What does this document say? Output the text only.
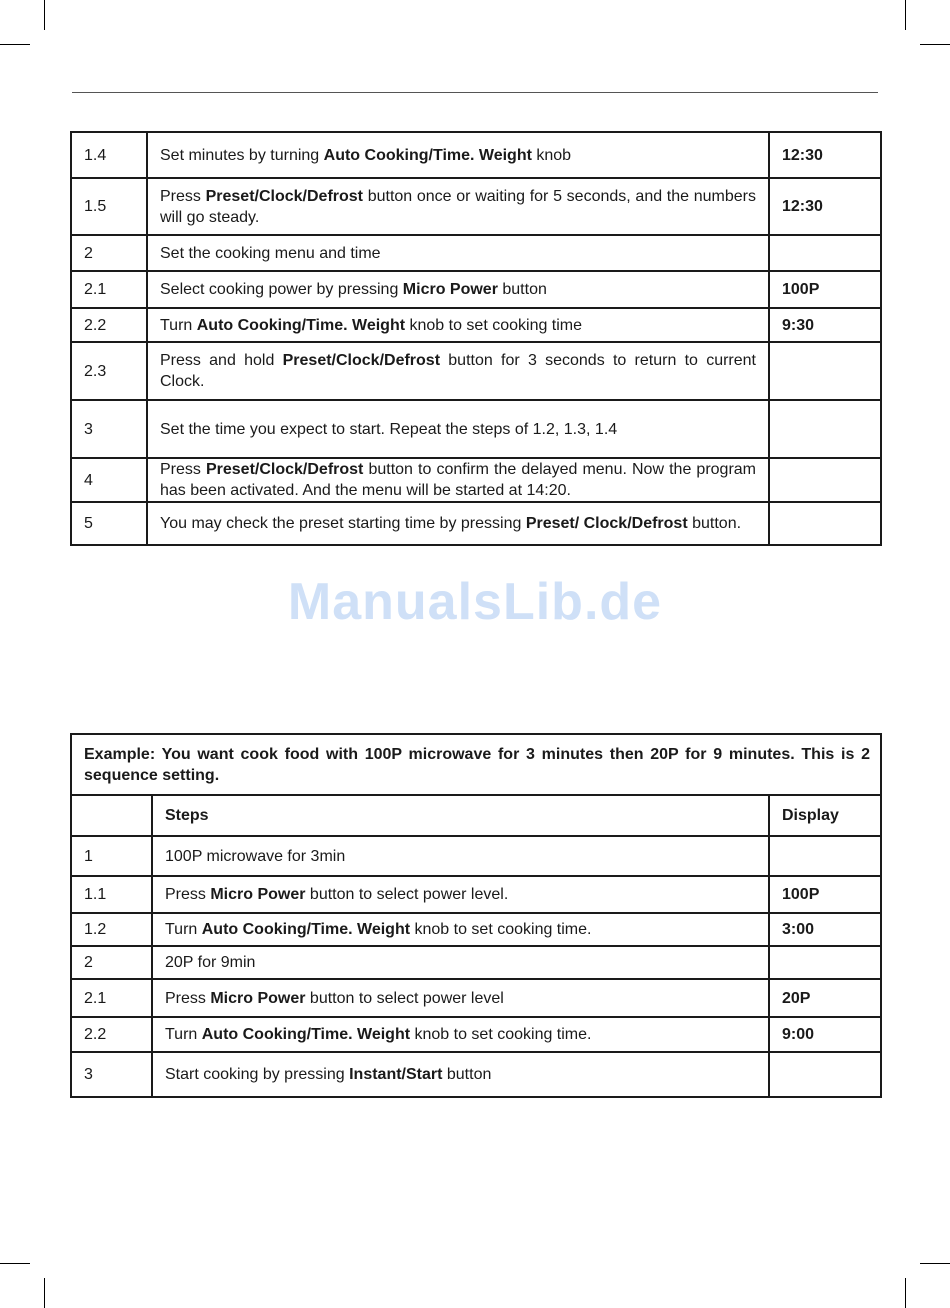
1.4	Set minutes by turning Auto Cooking/Time. Weight knob	12:30
1.5	Press Preset/Clock/Defrost button once or waiting for 5 seconds, and the numbers will go steady.	12:30
2	Set the cooking menu and time	
2.1	Select cooking power by pressing Micro Power button	100P
2.2	Turn Auto Cooking/Time. Weight knob to set cooking time	9:30
2.3	Press and hold Preset/Clock/Defrost button for 3 seconds to return to current Clock.	
3	Set the time you expect to start. Repeat the steps of 1.2, 1.3, 1.4	
4	Press Preset/Clock/Defrost button to confirm the delayed menu. Now the program has been activated. And the menu will be started at 14:20.	
5	You may check the preset starting time by pressing Preset/ Clock/Defrost button.	
ManualsLib.de
Example: You want cook food with 100P microwave for 3 minutes then 20P for 9 minutes. This is 2 sequence setting.		
	Steps	Display
1	100P microwave for 3min	
1.1	Press Micro Power button to select power level.	100P
1.2	Turn Auto Cooking/Time. Weight knob to set cooking time.	3:00
2	20P for 9min	
2.1	Press Micro Power button to select power level	20P
2.2	Turn Auto Cooking/Time. Weight knob to set cooking time.	9:00
3	Start cooking by pressing Instant/Start button	
